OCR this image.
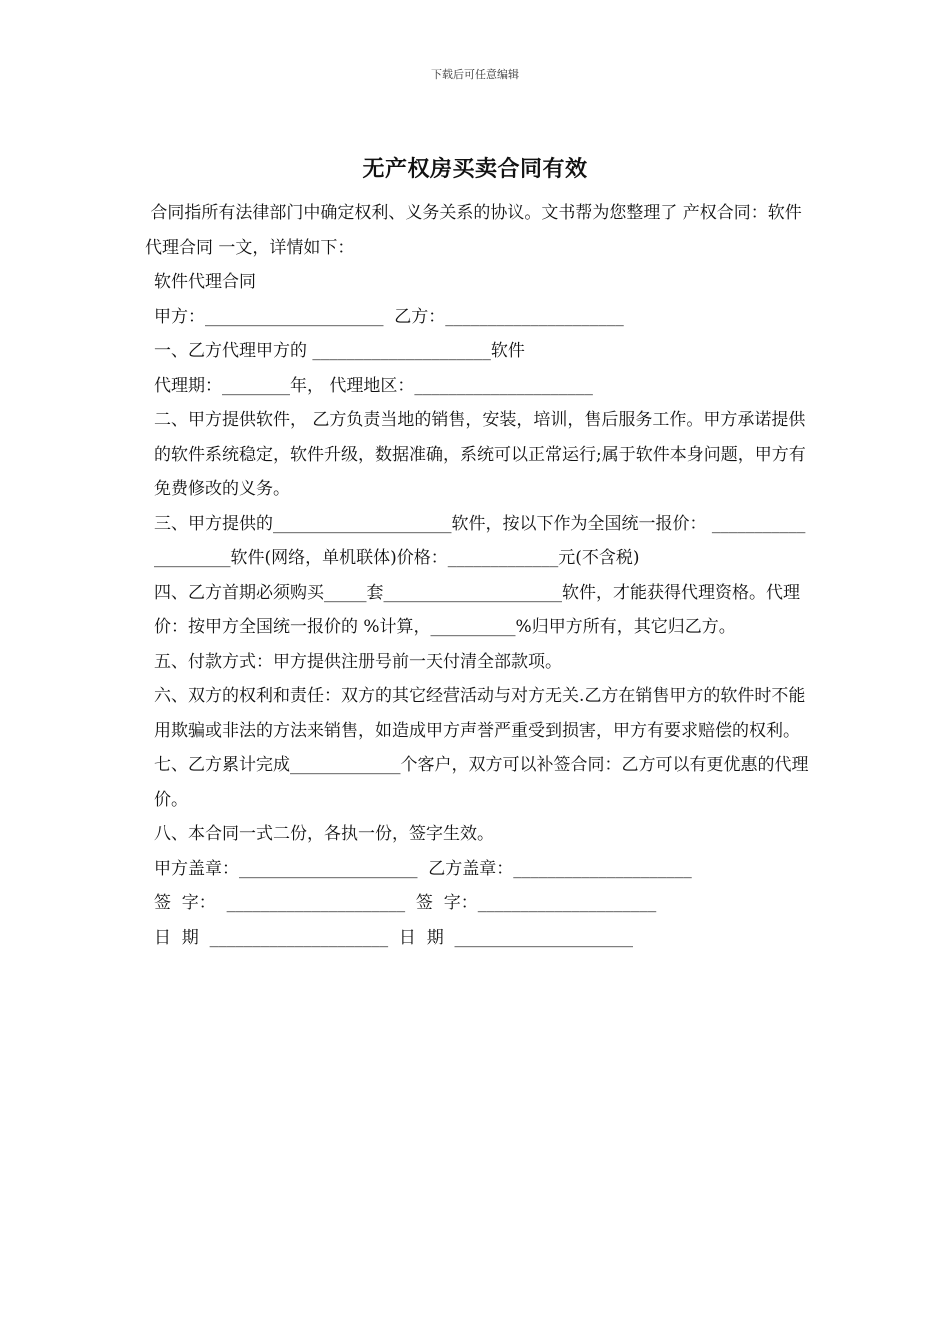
下载后可任意编辑
无产权房买卖合同有效

合同指所有法律部门中确定权利、义务关系的协议。文书帮为您整理了 产权合同：软件代理合同 一文，详情如下：

软件代理合同

甲方：_____________________  乙方：_____________________

一、乙方代理甲方的 _____________________软件

代理期：________年， 代理地区：_____________________

二、甲方提供软件， 乙方负责当地的销售，安装，培训，售后服务工作。甲方承诺提供的软件系统稳定，软件升级，数据准确，系统可以正常运行;属于软件本身问题，甲方有免费修改的义务。

三、甲方提供的_____________________软件，按以下作为全国统一报价： ____________________软件(网络，单机联体)价格：_____________元(不含税)

四、乙方首期必须购买_____套_____________________软件，才能获得代理资格。代理价：按甲方全国统一报价的 %计算，__________%归甲方所有，其它归乙方。

五、付款方式：甲方提供注册号前一天付清全部款项。

六、双方的权利和责任：双方的其它经营活动与对方无关.乙方在销售甲方的软件时不能用欺骗或非法的方法来销售，如造成甲方声誉严重受到损害，甲方有要求赔偿的权利。

七、乙方累计完成_____________个客户，双方可以补签合同：乙方可以有更优惠的代理价。

八、本合同一式二份，各执一份，签字生效。

甲方盖章：_____________________  乙方盖章：_____________________

签  字：  _____________________  签  字：_____________________

日  期  _____________________  日  期  _____________________
